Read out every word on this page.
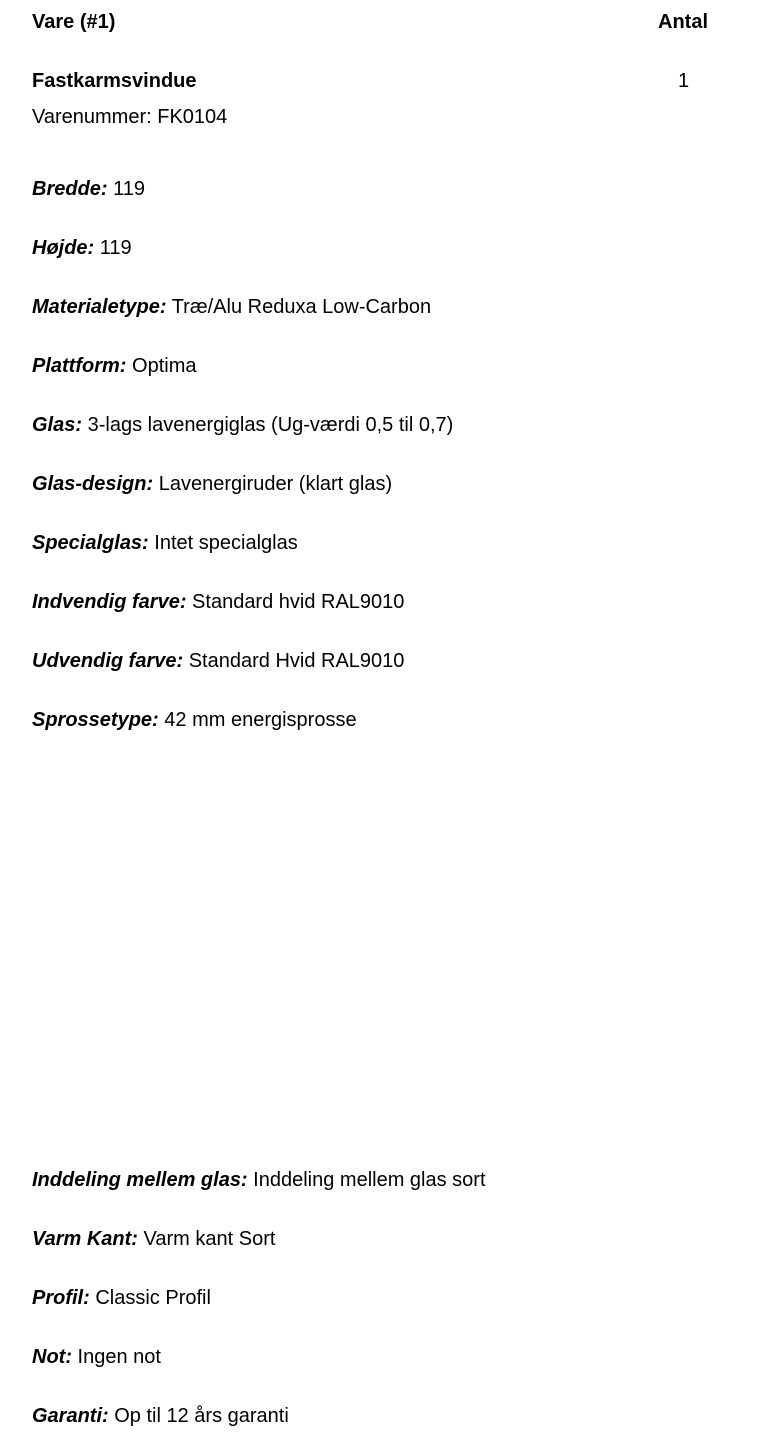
Vare (#1)	Antal
Fastkarmsvindue	1
Varenummer: FK0104
Bredde: 119
Højde: 119
Materialetype: Træ/Alu Reduxa Low-Carbon
Plattform: Optima
Glas: 3-lags lavenergiglas (Ug-værdi 0,5 til 0,7)
Glas-design: Lavenergiruder (klart glas)
Specialglas: Intet specialglas
Indvendig farve: Standard hvid RAL9010
Udvendig farve: Standard Hvid RAL9010
Sprossetype: 42 mm energisprosse
Inddeling mellem glas: Inddeling mellem glas sort
Varm Kant: Varm kant Sort
Profil: Classic Profil
Not: Ingen not
Garanti: Op til 12 års garanti
